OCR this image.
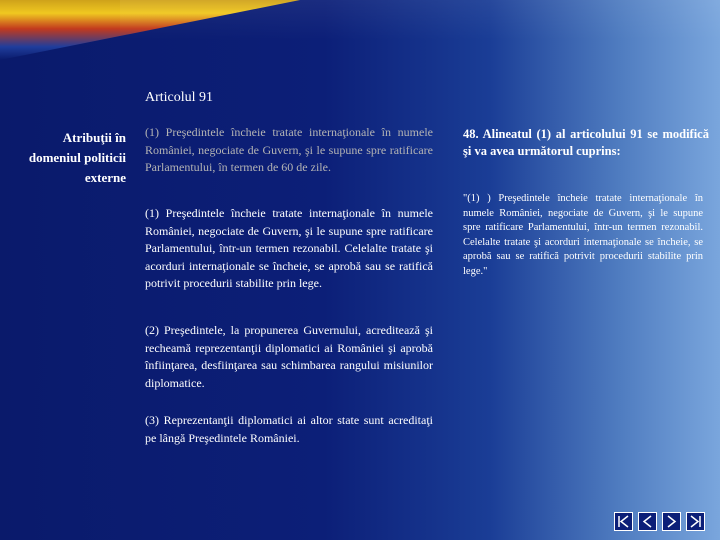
Articolul 91
Atribuţii în domeniul politicii externe

(1) Preşedintele încheie tratate internaţionale în numele României, negociate de Guvern, şi le supune spre ratificare Parlamentului, în termen de 60 de zile.

(1) Preşedintele încheie tratate internaţionale în numele României, negociate de Guvern, şi le supune spre ratificare Parlamentului, într-un termen rezonabil. Celelalte tratate şi acorduri internaţionale se încheie, se aprobă sau se ratifică potrivit procedurii stabilite prin lege.

(2) Preşedintele, la propunerea Guvernului, acreditează şi recheamă reprezentanţii diplomatici ai României şi aprobă înfiinţarea, desfiinţarea sau schimbarea rangului misiunilor diplomatice.

(3) Reprezentanţii diplomatici ai altor state sunt acreditaţi pe lângă Preşedintele României.

48. Alineatul (1) al articolului 91 se modifică şi va avea următorul cuprins:

"(1) ) Preşedintele încheie tratate internaţionale în numele României, negociate de Guvern, şi le supune spre ratificare Parlamentului, într-un termen rezonabil. Celelalte tratate şi acorduri internaţionale se încheie, se aprobă sau se ratifică potrivit procedurii stabilite prin lege."
